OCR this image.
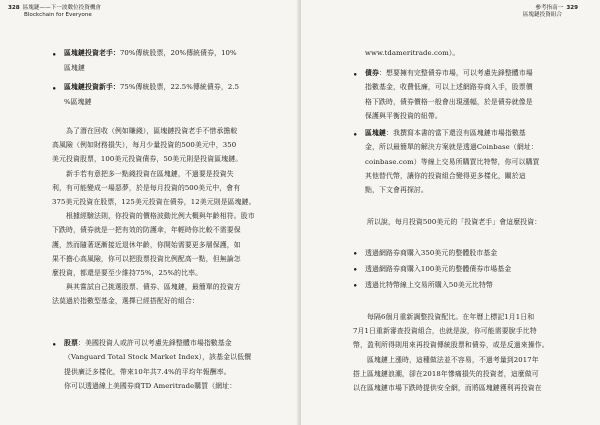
328 區塊鏈——下一波數位投資機會
Blockchain for Everyone
• 區塊鏈投資老手：70%傳統股票，20%傳統債券，10%
區塊鏈
• 區塊鏈投資新手：75%傳統股票，22.5%傳統債券，2.5
%區塊鏈
為了潛在回收（例如賺錢），區塊鏈投資老手不惜承擔較
高風險（例如財務損失），每月少量投資的500美元中，350
美元投資股票，100美元投資債券，50美元則是投資區塊鏈。
新手若有意把多一點錢投資在區塊鏈，不過要是投資失
利，有可能變成一場惡夢，於是每月投資的500美元中，會有
375美元投資在股票，125美元投資在債券，12美元則是區塊鏈。
根據經驗法則，你投資的價格波動比例大概與年齡相符。股市
下跌時，債券就是一把有效的防護傘，年輕時你比較不需要保
護，然而隨著逐漸接近退休年齡，你開始需要更多層保護，如
果不擔心高風險，你可以把股票投資比例配高一點，但無論怎
麼投資，都還是要至少維持75%，25%的比率。
與其嘗試自己挑選股票、債券、區塊鏈，最簡單的投資方
法莫過於指數型基金，選擇已經搭配好的組合：
• 股票：美國投資人或許可以考慮先鋒整體市場指數基金
（Vanguard Total Stock Market Index），該基金以低價
提供廣泛多樣化，帶來10年共7.4%的平均年報酬率。
你可以透過線上美國券商TD Ameritrade購買（網址：
參考指南一 329
區塊鏈投資組合
www.tdameritrade.com）。
• 債券：想要擁有完整債券市場，可以考慮先鋒整體市場
指數基金，收費低廉，可以上述網路券商入手，股票價
格下跌時，債券價格一般會出現漲幅，於是債券就像是
保護與平衡投資的紐帶。
• 區塊鏈：我撰寫本書的當下還沒有區塊鏈市場指數基
金，所以最簡單的解決方案就是透過Coinbase（網址：
coinbase.com）等線上交易所購買比特幣，你可以購買
其他替代幣，讓你的投資組合變得更多樣化，關於這
點，下文會再探討。
所以說，每月投資500美元的「投資老手」會這麼投資：
•
•
•
透過網路券商購入350美元的整體股市基金
透過網路券商購入100美元的整體債券市場基金
透過比特幣線上交易所購入50美元比特幣
每隔6個月重新調整投資配比。在年曆上標記1月1日和
7月1日重新審查投資組合，也就是說，你可能需要脫手比特
幣，盈利所得則用來再投資傳統股票和債券，或是反過來操作。
區塊鏈上漲時，這種做法並不容易，不過考量到2017年
搭上區塊鏈浪潮，卻在2018年慘痛損失的投資者，這麼做可
以在區塊鏈市場下跌時提供安全網，而將區塊鏈獲利再投資在
